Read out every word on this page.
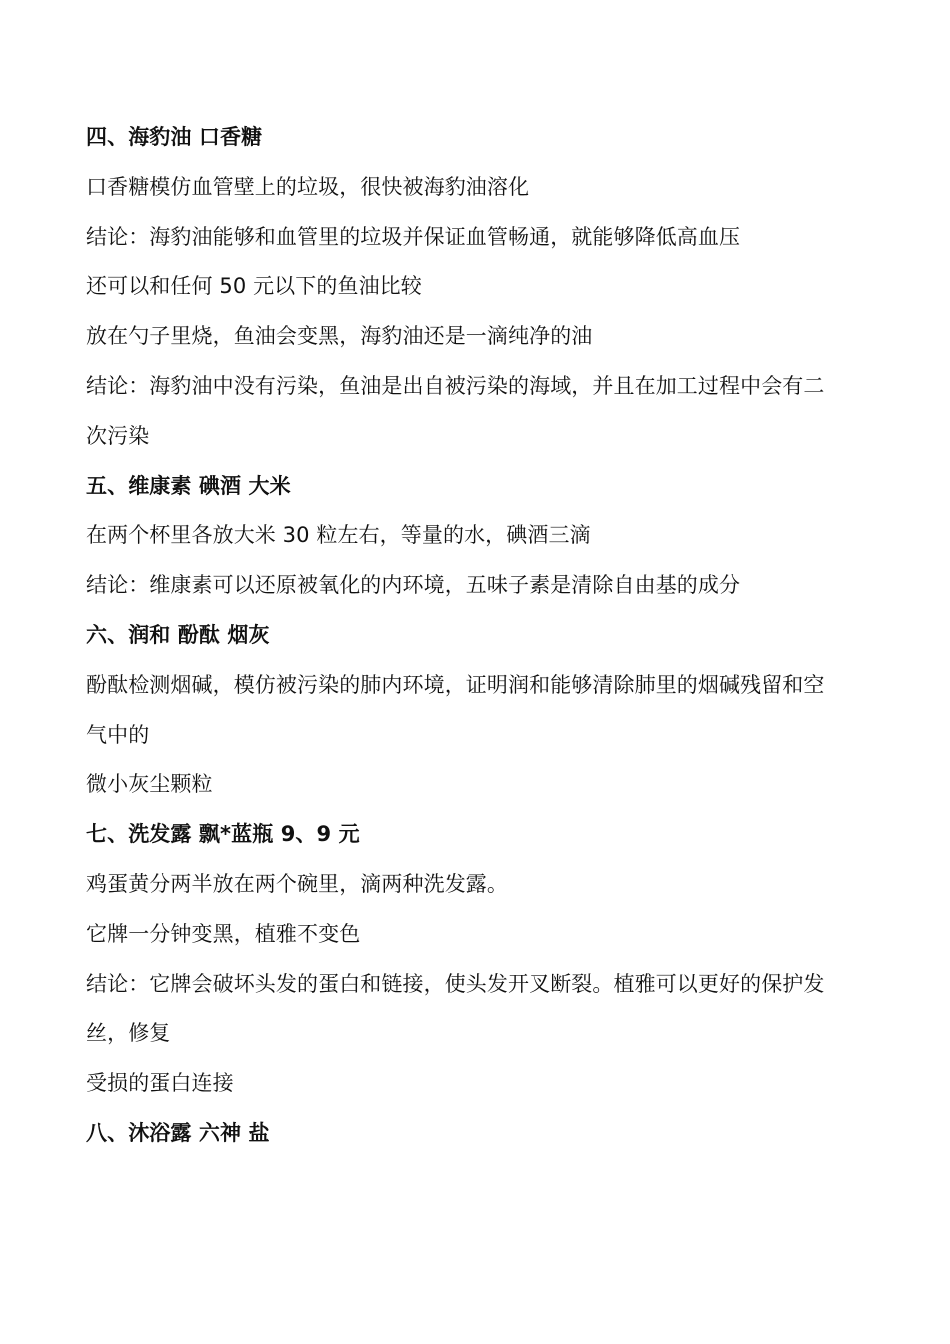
四、海豹油 口香糖
口香糖模仿血管壁上的垃圾，很快被海豹油溶化
结论：海豹油能够和血管里的垃圾并保证血管畅通，就能够降低高血压
还可以和任何 50 元以下的鱼油比较
放在勺子里烧，鱼油会变黑，海豹油还是一滴纯净的油
结论：海豹油中没有污染，鱼油是出自被污染的海域，并且在加工过程中会有二
次污染
五、维康素 碘酒 大米
在两个杯里各放大米 30 粒左右，等量的水，碘酒三滴
结论：维康素可以还原被氧化的内环境，五味子素是清除自由基的成分
六、润和 酚酞 烟灰
酚酞检测烟碱，模仿被污染的肺内环境，证明润和能够清除肺里的烟碱残留和空
气中的
微小灰尘颗粒
七、洗发露 飘*蓝瓶 9、9 元
鸡蛋黄分两半放在两个碗里，滴两种洗发露。
它牌一分钟变黑，植雅不变色
结论：它牌会破坏头发的蛋白和链接，使头发开叉断裂。植雅可以更好的保护发
丝，修复
受损的蛋白连接
八、沐浴露 六神 盐
